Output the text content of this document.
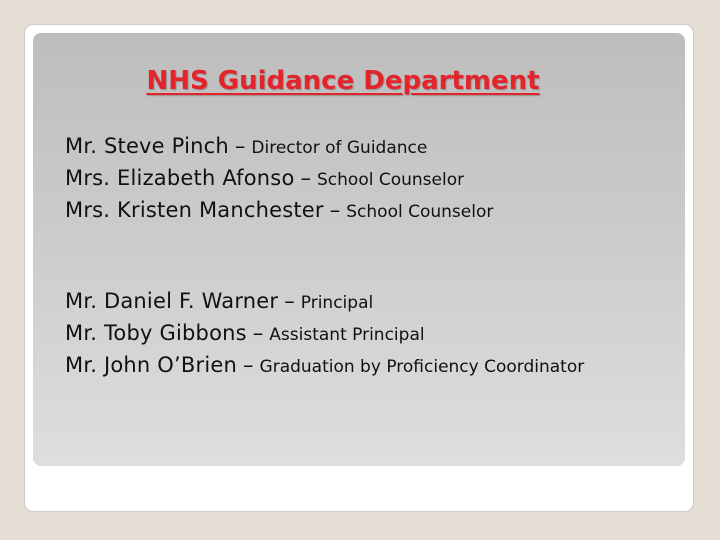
NHS Guidance Department
Mr. Steve Pinch – Director of Guidance
Mrs. Elizabeth Afonso – School Counselor
Mrs. Kristen Manchester – School Counselor
Mr. Daniel F. Warner – Principal
Mr. Toby Gibbons – Assistant Principal
Mr. John O’Brien – Graduation by Proficiency Coordinator
